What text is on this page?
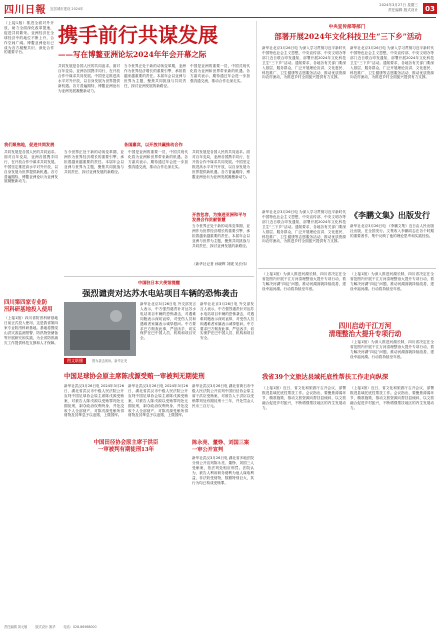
四川日報 宜居城市建设 2024年
2024年3月27日 星期三
责任编辑 版式设计	03
（上接1版）推进全面对外开放，助力全面深化改革提速，促进共同繁荣。亚洲经济在全球经济中的地位不断上升，合作空间广阔。博鳌亚洲论坛已成为各方凝聚共识、深化合作的重要平台。
携手前行共谋发展
——写在博鳌亚洲论坛2024年年会开幕之际
共同发展是各国人民的共同追求。面对百年变局，亚洲各国携手同行，在开放合作中谋求共同发展。中国坚定推进高水平对外开放，以自身发展为世界提供新机遇。各方普遍期待，博鳌亚洲论坛为亚洲发展凝聚新动力。
当今世界正处于新的动荡变革期，亚洲作为世界经济增长的重要引擎，承担着越来越重要的责任。本届年会以亚洲与世界为主题，聚焦共同挑战与共同责任，探讨亚洲发展的新路径。
中国是亚洲的重要一员，中国式现代化将为亚洲和世界带来新的机遇。各方嘉宾表示，期待通过年会进一步加强沟通交流，推动合作走深走实。
我们聚焦地，促进共同发展
共同发展是各国人民的共同追求。面对百年变局，亚洲各国携手同行，在开放合作中谋求共同发展。中国坚定推进高水平对外开放，以自身发展为世界提供新机遇。各方普遍期待，博鳌亚洲论坛为亚洲发展凝聚新动力。
各国嘉宾，以开放共赢推动合作
当今世界正处于新的动荡变革期，亚洲作为世界经济增长的重要引擎，承担着越来越重要的责任。本届年会以亚洲与世界为主题，聚焦共同挑战与共同责任，探讨亚洲发展的新路径。
中国是亚洲的重要一员，中国式现代化将为亚洲和世界带来新的机遇。各方嘉宾表示，期待通过年会进一步加强沟通交流，推动合作走深走实。
共同发展是各国人民的共同追求。面对百年变局，亚洲各国携手同行，在开放合作中谋求共同发展。中国坚定推进高水平对外开放，以自身发展为世界提供新机遇。各方普遍期待，博鳌亚洲论坛为亚洲发展凝聚新动力。
开放包容，为推进亚洲和平与发展合作贡献智慧
当今世界正处于新的动荡变革期，亚洲作为世界经济增长的重要引擎，承担着越来越重要的责任。本届年会以亚洲与世界为主题，聚焦共同挑战与共同责任，探讨亚洲发展的新路径。
（新华社记者 孙晓辉 刘媛 吴长伟）
中央宣传部等部门
部署开展2024年文化科技卫生“三下乡”活动
新华社北京3月26日电 为深入学习贯彻习近平新时代中国特色社会主义思想，中央宣传部、中央文明办等部门近日联合印发通知，部署开展2024年文化科技卫生“三下乡”活动。通知要求，各地各有关部门要深入基层、服务群众，广泛开展理论宣讲、文化惠民、科技推广、卫生健康等志愿服务活动，推动优质资源向农村流动，为推进乡村全面振兴提供有力支撑。
新华社北京3月26日电 为深入学习贯彻习近平新时代中国特色社会主义思想，中央宣传部、中央文明办等部门近日联合印发通知，部署开展2024年文化科技卫生“三下乡”活动。通知要求，各地各有关部门要深入基层、服务群众，广泛开展理论宣讲、文化惠民、科技推广、卫生健康等志愿服务活动，推动优质资源向农村流动，为推进乡村全面振兴提供有力支撑。
《李鹏文集》出版发行
新华社北京3月26日电 为深入学习贯彻习近平新时代中国特色社会主义思想，中央宣传部、中央文明办等部门近日联合印发通知，部署开展2024年文化科技卫生“三下乡”活动。通知要求，各地各有关部门要深入基层、服务群众，广泛开展理论宣讲、文化惠民、科技推广、卫生健康等志愿服务活动，推动优质资源向农村流动，为推进乡村全面振兴提供有力支撑。
新华社北京3月26日电 《李鹏文集》近日由人民出版社出版，在全国发行。文集收入李鹏同志在各个时期的重要著作，集中反映了他的理论思考和实践经验。
四川启动干江万河
清理整治大提升专项行动
（上接1版）为深入推进河湖长制，四川省决定在全省范围内开展干江万河清理整治大提升专项行动，着力解决河湖“四乱”问题，推动河湖面貌持续改善，建设幸福河湖。行动将持续至年底。
（上接1版）为深入推进河湖长制，四川省决定在全省范围内开展干江万河清理整治大提升专项行动，着力解决河湖“四乱”问题，推动河湖面貌持续改善，建设幸福河湖。行动将持续至年底。
（上接1版）为深入推进河湖长制，四川省决定在全省范围内开展干江万河清理整治大提升专项行动，着力解决河湖“四乱”问题，推动河湖面貌持续改善，建设幸福河湖。行动将持续至年底。
我省39个文旅达县域托底性帮扶工作走向纵深
（上接1版）近日，省文化和旅游厅召开会议，部署推进县域托底性帮扶工作。会议指出，要聚焦薄弱环节，精准施策，推动文旅资源向帮扶县倾斜，以文旅融合促进乡村振兴，不断增强帮扶地区的内生发展动力。
（上接1版）近日，省文化和旅游厅召开会议，部署推进县域托底性帮扶工作。会议指出，要聚焦薄弱环节，精准施策，推动文旅资源向帮扶县倾斜，以文旅融合促进乡村振兴，不断增强帮扶地区的内生发展动力。
四川第四家专业防
汛科研基地投入使用
（上接1版）四川省防汛科研基地日前正式投入使用，这是我省第四家专业防汛科研基地。基地将围绕山洪灾害监测预警、防汛物资储备等开展研究和实践，为全省防汛减灾工作提供科技支撑和人才保障。
中国驻日本大使馆提醒
强烈谴责对达苏水电站项目车辆的恐怖袭击
新华社北京3月26日电 外交部发言人表示，中方强烈谴责针对达苏水电站项目车辆的恐怖袭击，对遇难同胞表示深切哀悼，对受伤人员和遇难者家属表示诚挚慰问。中方要求巴方彻查此事，严惩凶手，切实保护在巴中国人员、机构和项目安全。
新华社北京3月26日电 外交部发言人表示，中方强烈谴责针对达苏水电站项目车辆的恐怖袭击，对遇难同胞表示深切哀悼，对受伤人员和遇难者家属表示诚挚慰问。中方要求巴方彻查此事，严惩凶手，切实保护在巴中国人员、机构和项目安全。
图文联播	图为袭击现场。新华社发
中国足球协会原主席陈戌源受贿一审被判无期徒刑
新华社武汉3月26日电 2024年3月26日，湖北省武汉市中级人民法院公开宣判中国足球协会原主席陈戌源受贿案，对被告人陈戌源以受贿罪判处无期徒刑，剥夺政治权利终身，并处没收个人全部财产，对陈戌源受贿所得财物及其孳息予以追缴，上缴国库。
新华社武汉3月26日电 2024年3月26日，湖北省武汉市中级人民法院公开宣判中国足球协会原主席陈戌源受贿案，对被告人陈戌源以受贿罪判处无期徒刑，剥夺政治权利终身，并处没收个人全部财产，对陈戌源受贿所得财物及其孳息予以追缴，上缴国库。
中国田径协会原主席于洪臣
一审被判有期徒刑13年
陈永亮、董铮、刘国三案
一审公开宣判
新华社武汉3月26日电 湖北省黄石市中级人民法院公开宣判中国田径协会原主席于洪臣受贿案，对被告人于洪臣以受贿罪判处有期徒刑十三年，并处罚金人民币三百万元。
新华社武汉3月26日电 湖北省多地法院分别公开宣判陈永亮、董铮、刘国三人受贿案，依法判处相应刑罚。法院认为，被告人利用职务便利为他人谋取利益，非法收受财物，数额特别巨大，其行为均已构成受贿罪。
责任编辑 刘元敏	版式设计 姚华	电话：028-86968000
